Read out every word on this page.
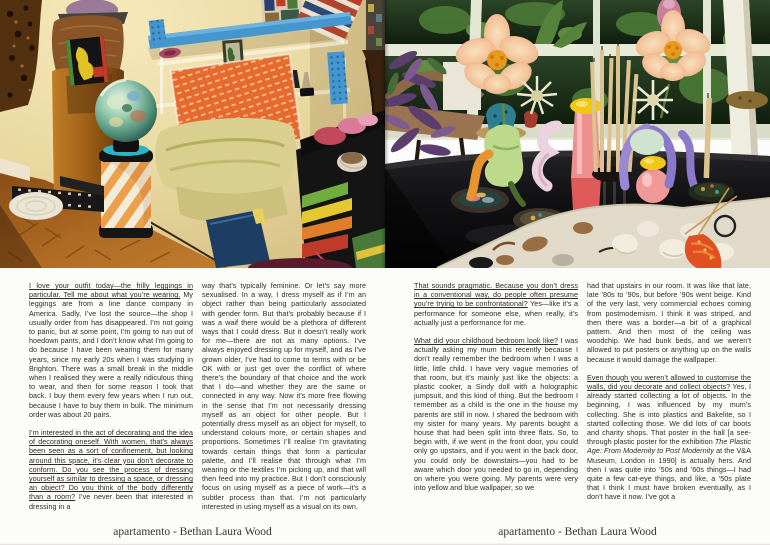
I love your outfit today—the frilly leggings in particular. Tell me about what you’re wearing. My leggings are from a line dance company in America. Sadly, I’ve lost the source—the shop I usually order from has disappeared. I’m not going to panic, but at some point, I’m going to run out of hoedown pants, and I don’t know what I’m going to do because I have been wearing them for many years, since my early 20s when I was studying in Brighton. There was a small break in the middle when I realised they were a really ridiculous thing to wear, and then for some reason I took that back. I buy them every few years when I run out, because I have to buy them in bulk. The minimum order was about 20 pairs.

I’m interested in the act of decorating and the idea of decorating oneself. With women, that’s always been seen as a sort of confinement, but looking around this space, it’s clear you don’t decorate to conform. Do you see the process of dressing yourself as similar to dressing a space, or dressing an object? Do you think of the body differently than a room? I’ve never been that interested in dressing in a

way that’s typically feminine. Or let’s say more sexualised. In a way, I dress myself as if I’m an object rather than being particularly associated with gender form. But that’s probably because if I was a waif there would be a plethora of different ways that I could dress. But it doesn’t really work for me—there are not as many options. I’ve always enjoyed dressing up for myself, and as I’ve grown older, I’ve had to come to terms with or be OK with or just get over the conflict of where there’s the boundary of that choice and the work that I do—and whether they are the same or connected in any way. Now it’s more free flowing in the sense that I’m not necessarily dressing myself as an object for other people. But I potentially dress myself as an object for myself, to understand colours more, or certain shapes and proportions. Sometimes I’ll realise I’m gravitating towards certain things that form a particular palette, and I’ll realise that through what I’m wearing or the textiles I’m picking up, and that will then feed into my practice. But I don’t consciously focus on using myself as a piece of work—it’s a subtler process than that. I’m not particularly interested in using myself as a visual on its own.

That sounds pragmatic. Because you don’t dress in a conventional way, do people often presume you’re trying to be confrontational? Yes—like it’s a performance for someone else, when really, it’s actually just a performance for me.

What did your childhood bedroom look like? I was actually asking my mum this recently because I don’t really remember the bedroom when I was a little, little child. I have very vague memories of that room, but it’s mainly just like the objects: a plastic cooker, a Sindy doll with a holographic jumpsuit, and this kind of thing. But the bedroom I remember as a child is the one in the house my parents are still in now. I shared the bedroom with my sister for many years. My parents bought a house that had been split into three flats. So, to begin with, if we went in the front door, you could only go upstairs, and if you went in the back door, you could only be downstairs—you had to be aware which door you needed to go in, depending on where you were going. My parents were very into yellow and blue wallpaper, so we

had that upstairs in our room. It was like that late, late ’80s to ’90s, but before ’90s went beige. Kind of the very last, very commercial echoes coming from postmodernism. I think it was striped, and then there was a border—a bit of a graphical pattern. And then most of the ceiling was woodchip. We had bunk beds, and we weren’t allowed to put posters or anything up on the walls because it would damage the wallpaper.

Even though you weren’t allowed to customise the walls, did you decorate and collect objects? Yes, I already started collecting a lot of objects. In the beginning, I was influenced by my mum’s collecting. She is into plastics and Bakelite, so I started collecting those. We did lots of car boots and charity shops. That poster in the hall [a see-through plastic poster for the exhibition The Plastic Age: From Modernity to Post Modernity at the V&A Museum, London in 1990] is actually hers. And then I was quite into ’50s and ’60s things—I had quite a few cat-eye things, and like, a ’50s plate that I think I must have broken eventually, as I don’t have it now. I’ve got a

apartamento - Bethan Laura Wood	apartamento - Bethan Laura Wood
